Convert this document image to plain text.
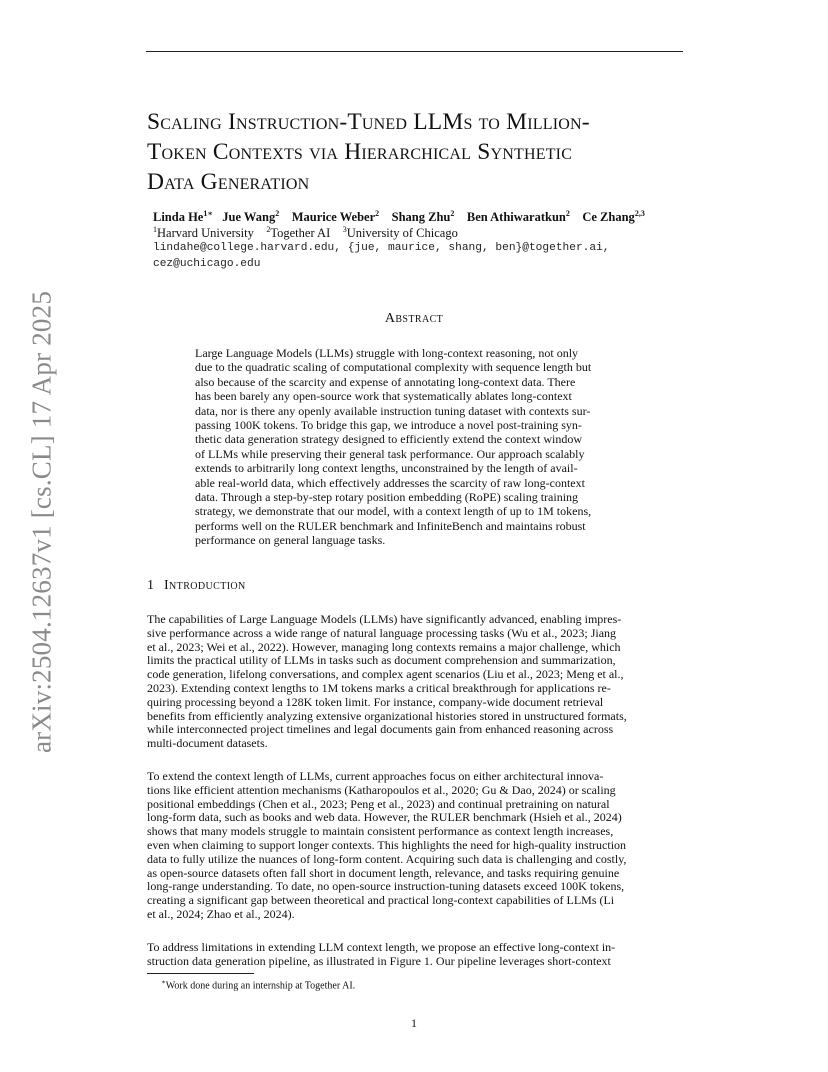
arXiv:2504.12637v1 [cs.CL] 17 Apr 2025
Scaling Instruction-Tuned LLMs to Million-
Token Contexts via Hierarchical Synthetic
Data Generation
Linda $He^{1∗}$ Jue Wang$^2$ Maurice Weber$^2$ Shang Zhu$^2$ Ben Athiwaratkun$^2$ Ce Zhang$^{2,3}$
$^1$Harvard University $^2$Together AI $^3$University of Chicago
lindahe@college.harvard.edu, {jue, maurice, shang, ben}@together.ai,
cez@uchicago.edu
Abstract
Large Language Models (LLMs) struggle with long-context reasoning, not only
due to the quadratic scaling of computational complexity with sequence length but
also because of the scarcity and expense of annotating long-context data. There
has been barely any open-source work that systematically ablates long-context
data, nor is there any openly available instruction tuning dataset with contexts sur-
passing 100K tokens. To bridge this gap, we introduce a novel post-training syn-
thetic data generation strategy designed to efficiently extend the context window
of LLMs while preserving their general task performance. Our approach scalably
extends to arbitrarily long context lengths, unconstrained by the length of avail-
able real-world data, which effectively addresses the scarcity of raw long-context
data. Through a step-by-step rotary position embedding (RoPE) scaling training
strategy, we demonstrate that our model, with a context length of up to 1M tokens,
performs well on the RULER benchmark and InfiniteBench and maintains robust
performance on general language tasks.
1 Introduction
The capabilities of Large Language Models (LLMs) have significantly advanced, enabling impres-
sive performance across a wide range of natural language processing tasks (Wu et al., 2023; Jiang
et al., 2023; Wei et al., 2022). However, managing long contexts remains a major challenge, which
limits the practical utility of LLMs in tasks such as document comprehension and summarization,
code generation, lifelong conversations, and complex agent scenarios (Liu et al., 2023; Meng et al.,
2023). Extending context lengths to 1M tokens marks a critical breakthrough for applications re-
quiring processing beyond a 128K token limit. For instance, company-wide document retrieval
benefits from efficiently analyzing extensive organizational histories stored in unstructured formats,
while interconnected project timelines and legal documents gain from enhanced reasoning across
multi-document datasets.
To extend the context length of LLMs, current approaches focus on either architectural innova-
tions like efficient attention mechanisms (Katharopoulos et al., 2020; Gu & Dao, 2024) or scaling
positional embeddings (Chen et al., 2023; Peng et al., 2023) and continual pretraining on natural
long-form data, such as books and web data. However, the RULER benchmark (Hsieh et al., 2024)
shows that many models struggle to maintain consistent performance as context length increases,
even when claiming to support longer contexts. This highlights the need for high-quality instruction
data to fully utilize the nuances of long-form content. Acquiring such data is challenging and costly,
as open-source datasets often fall short in document length, relevance, and tasks requiring genuine
long-range understanding. To date, no open-source instruction-tuning datasets exceed 100K tokens,
creating a significant gap between theoretical and practical long-context capabilities of LLMs (Li
et al., 2024; Zhao et al., 2024).
To address limitations in extending LLM context length, we propose an effective long-context in-
struction data generation pipeline, as illustrated in Figure 1. Our pipeline leverages short-context
∗Work done during an internship at Together AI.
1
